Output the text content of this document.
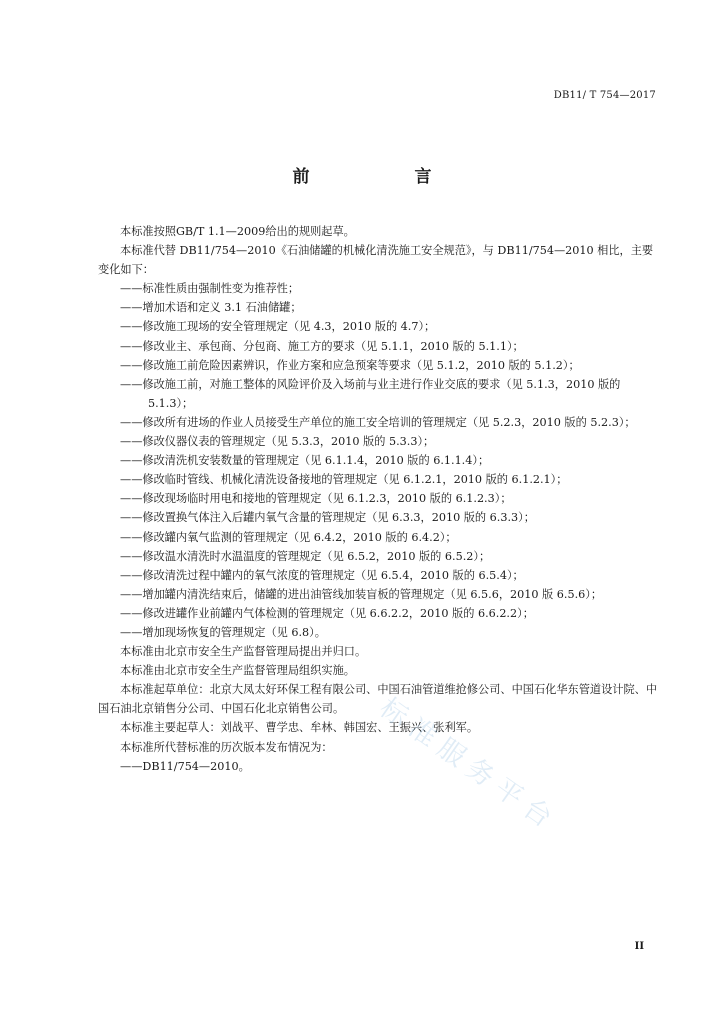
DB11/ T 754—2017
前　言

本标准按照GB/T 1.1—2009给出的规则起草。

本标准代替 DB11/754—2010《石油储罐的机械化清洗施工安全规范》，与 DB11/754—2010 相比，主要变化如下：

——标准性质由强制性变为推荐性；

——增加术语和定义 3.1 石油储罐；

——修改施工现场的安全管理规定（见 4.3，2010 版的 4.7）；

——修改业主、承包商、分包商、施工方的要求（见 5.1.1，2010 版的 5.1.1）；

——修改施工前危险因素辨识，作业方案和应急预案等要求（见 5.1.2，2010 版的 5.1.2）；

——修改施工前，对施工整体的风险评价及入场前与业主进行作业交底的要求（见 5.1.3，2010 版的 5.1.3）；

——修改所有进场的作业人员接受生产单位的施工安全培训的管理规定（见 5.2.3，2010 版的 5.2.3）；

——修改仪器仪表的管理规定（见 5.3.3，2010 版的 5.3.3）；

——修改清洗机安装数量的管理规定（见 6.1.1.4，2010 版的 6.1.1.4）；

——修改临时管线、机械化清洗设备接地的管理规定（见 6.1.2.1，2010 版的 6.1.2.1）；

——修改现场临时用电和接地的管理规定（见 6.1.2.3，2010 版的 6.1.2.3）；

——修改置换气体注入后罐内氧气含量的管理规定（见 6.3.3，2010 版的 6.3.3）；

——修改罐内氧气监测的管理规定（见 6.4.2，2010 版的 6.4.2）；

——修改温水清洗时水温温度的管理规定（见 6.5.2，2010 版的 6.5.2）；

——修改清洗过程中罐内的氧气浓度的管理规定（见 6.5.4，2010 版的 6.5.4）；

——增加罐内清洗结束后，储罐的进出油管线加装盲板的管理规定（见 6.5.6，2010 版 6.5.6）；

——修改进罐作业前罐内气体检测的管理规定（见 6.6.2.2，2010 版的 6.6.2.2）；

——增加现场恢复的管理规定（见 6.8）。

本标准由北京市安全生产监督管理局提出并归口。

本标准由北京市安全生产监督管理局组织实施。

本标准起草单位：北京大凤太好环保工程有限公司、中国石油管道维抢修公司、中国石化华东管道设计院、中国石油北京销售分公司、中国石化北京销售公司。

本标准主要起草人：刘战平、曹学忠、牟林、韩国宏、王振兴、张利军。

本标准所代替标准的历次版本发布情况为：

——DB11/754—2010。	标准服务平台
II
